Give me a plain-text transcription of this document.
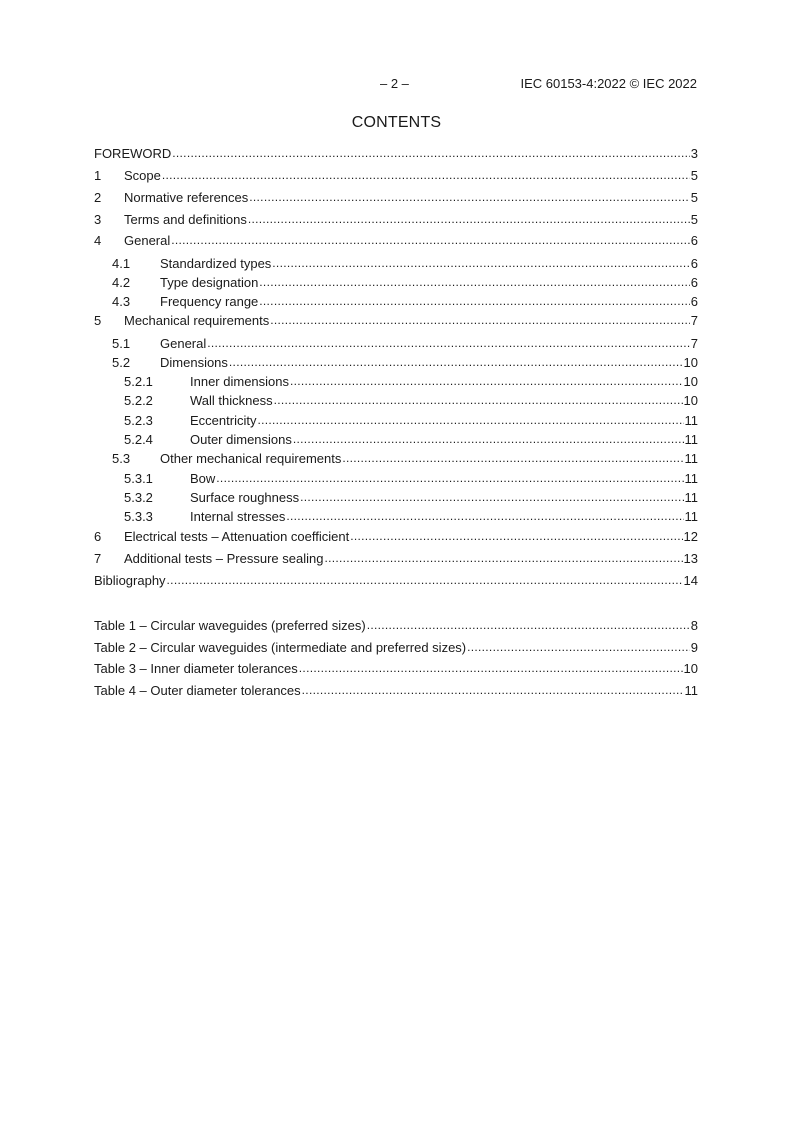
– 2 –	IEC 60153-4:2022 © IEC 2022
CONTENTS
FOREWORD .....	3
1	Scope .....	5
2	Normative references .....	5
3	Terms and definitions .....	5
4	General .....	6
4.1	Standardized types .....	6
4.2	Type designation .....	6
4.3	Frequency range .....	6
5	Mechanical requirements .....	7
5.1	General .....	7
5.2	Dimensions .....	10
5.2.1	Inner dimensions .....	10
5.2.2	Wall thickness .....	10
5.2.3	Eccentricity .....	11
5.2.4	Outer dimensions .....	11
5.3	Other mechanical requirements .....	11
5.3.1	Bow .....	11
5.3.2	Surface roughness .....	11
5.3.3	Internal stresses .....	11
6	Electrical tests – Attenuation coefficient .....	12
7	Additional tests – Pressure sealing .....	13
Bibliography .....	14
Table 1 – Circular waveguides (preferred sizes) .....	8
Table 2 – Circular waveguides (intermediate and preferred sizes) .....	9
Table 3 – Inner diameter tolerances .....	10
Table 4 – Outer diameter tolerances .....	11
